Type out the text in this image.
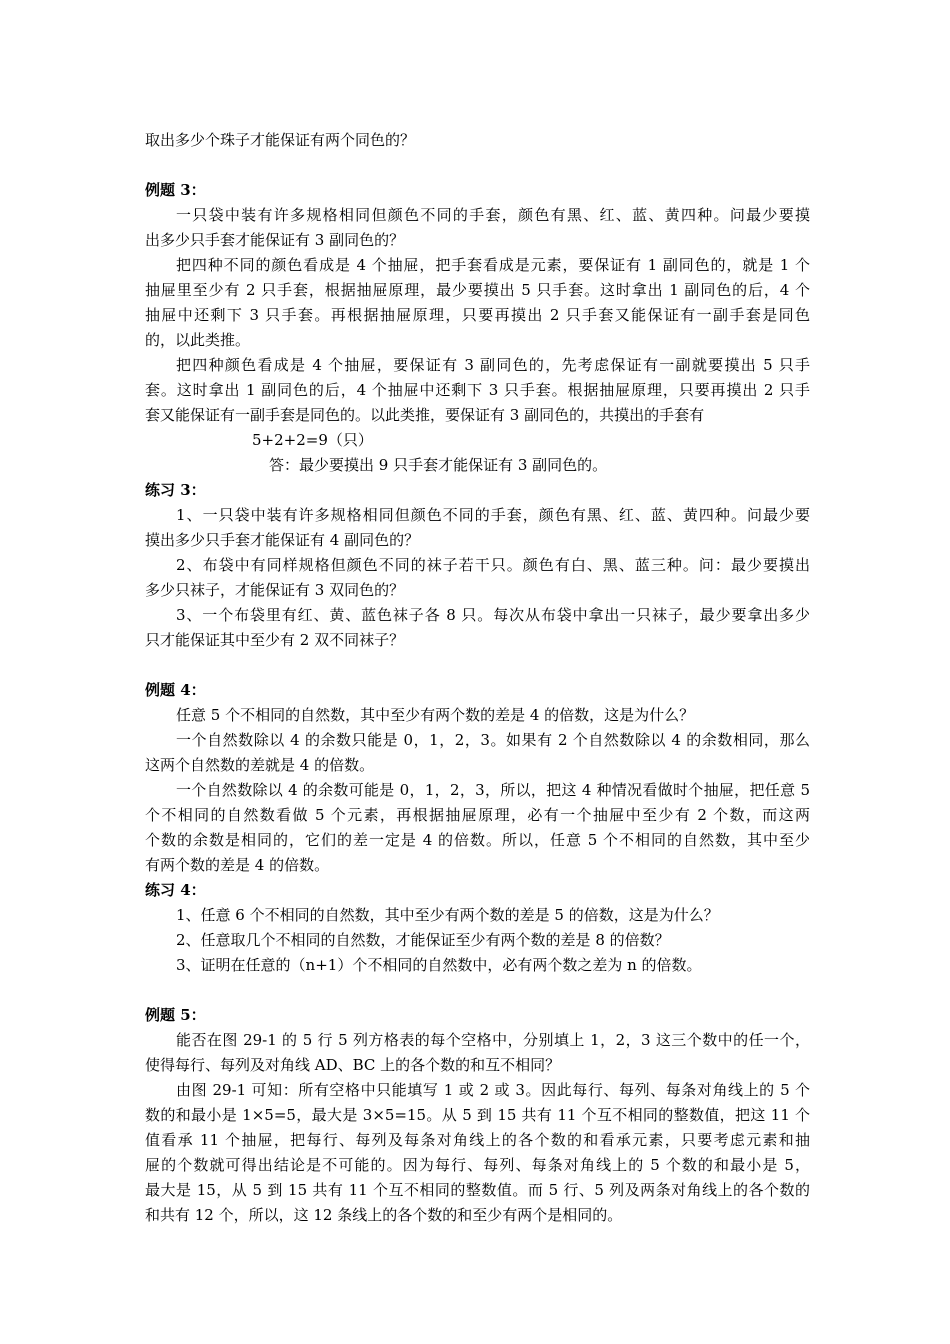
取出多少个珠子才能保证有两个同色的？
例题 3：
一只袋中装有许多规格相同但颜色不同的手套，颜色有黑、红、蓝、黄四种。问最少要摸
出多少只手套才能保证有 3 副同色的？
把四种不同的颜色看成是 4 个抽屉，把手套看成是元素，要保证有 1 副同色的，就是 1 个
抽屉里至少有 2 只手套，根据抽屉原理，最少要摸出 5 只手套。这时拿出 1 副同色的后，4 个
抽屉中还剩下 3 只手套。再根据抽屉原理，只要再摸出 2 只手套又能保证有一副手套是同色
的，以此类推。
把四种颜色看成是 4 个抽屉，要保证有 3 副同色的，先考虑保证有一副就要摸出 5 只手
套。这时拿出 1 副同色的后，4 个抽屉中还剩下 3 只手套。根据抽屉原理，只要再摸出 2 只手
套又能保证有一副手套是同色的。以此类推，要保证有 3 副同色的，共摸出的手套有
5+2+2=9（只）
答：最少要摸出 9 只手套才能保证有 3 副同色的。
练习 3：
1、一只袋中装有许多规格相同但颜色不同的手套，颜色有黑、红、蓝、黄四种。问最少要
摸出多少只手套才能保证有 4 副同色的？
2、布袋中有同样规格但颜色不同的袜子若干只。颜色有白、黑、蓝三种。问：最少要摸出
多少只袜子，才能保证有 3 双同色的？
3、一个布袋里有红、黄、蓝色袜子各 8 只。每次从布袋中拿出一只袜子，最少要拿出多少
只才能保证其中至少有 2 双不同袜子？
例题 4：
任意 5 个不相同的自然数，其中至少有两个数的差是 4 的倍数，这是为什么？
一个自然数除以 4 的余数只能是 0，1，2，3。如果有 2 个自然数除以 4 的余数相同，那么
这两个自然数的差就是 4 的倍数。
一个自然数除以 4 的余数可能是 0，1，2，3，所以，把这 4 种情况看做时个抽屉，把任意 5
个不相同的自然数看做 5 个元素，再根据抽屉原理，必有一个抽屉中至少有 2 个数，而这两
个数的余数是相同的，它们的差一定是 4 的倍数。所以，任意 5 个不相同的自然数，其中至少
有两个数的差是 4 的倍数。
练习 4：
1、任意 6 个不相同的自然数，其中至少有两个数的差是 5 的倍数，这是为什么？
2、任意取几个不相同的自然数，才能保证至少有两个数的差是 8 的倍数？
3、证明在任意的（n+1）个不相同的自然数中，必有两个数之差为 n 的倍数。
例题 5：
能否在图 29-1 的 5 行 5 列方格表的每个空格中，分别填上 1，2，3 这三个数中的任一个，
使得每行、每列及对角线 AD、BC 上的各个数的和互不相同？
由图 29-1 可知：所有空格中只能填写 1 或 2 或 3。因此每行、每列、每条对角线上的 5 个
数的和最小是 1×5=5，最大是 3×5=15。从 5 到 15 共有 11 个互不相同的整数值，把这 11 个
值看承 11 个抽屉，把每行、每列及每条对角线上的各个数的和看承元素，只要考虑元素和抽
屉的个数就可得出结论是不可能的。因为每行、每列、每条对角线上的 5 个数的和最小是 5，
最大是 15，从 5 到 15 共有 11 个互不相同的整数值。而 5 行、5 列及两条对角线上的各个数的
和共有 12 个，所以，这 12 条线上的各个数的和至少有两个是相同的。
